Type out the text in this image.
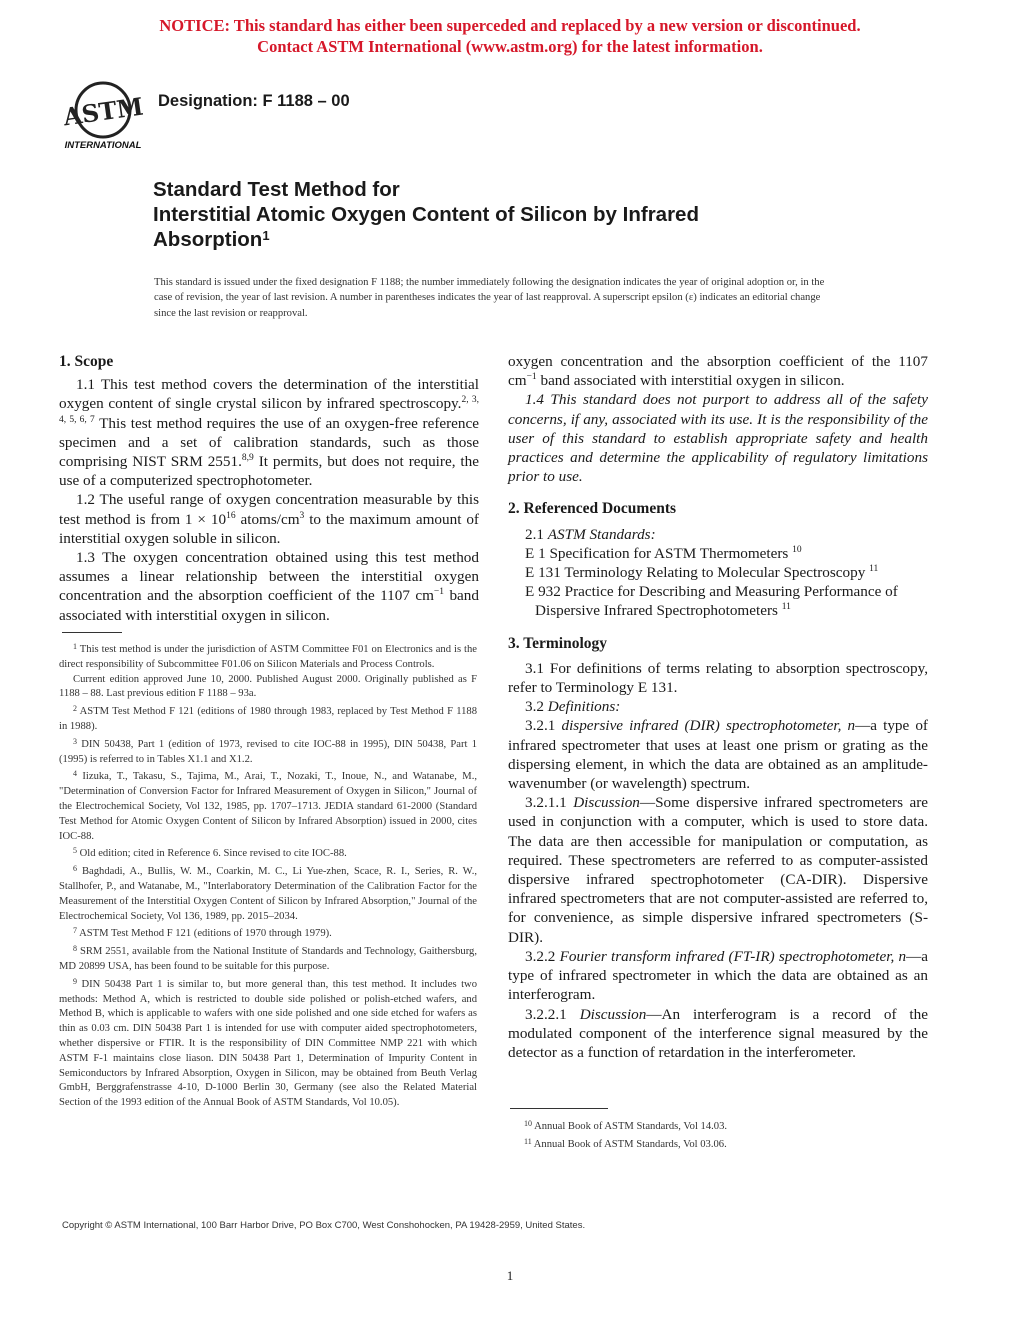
NOTICE: This standard has either been superceded and replaced by a new version or discontinued.
Contact ASTM International (www.astm.org) for the latest information.
ASTM
INTERNATIONAL
Designation: F 1188 – 00
Standard Test Method for
Interstitial Atomic Oxygen Content of Silicon by Infrared
Absorption$^1$
This standard is issued under the fixed designation F 1188; the number immediately following the designation indicates the year of original adoption or, in the case of revision, the year of last revision. A number in parentheses indicates the year of last reapproval. A superscript epsilon (ε) indicates an editorial change since the last revision or reapproval.
1. Scope

1.1 This test method covers the determination of the interstitial oxygen content of single crystal silicon by infrared spectroscopy.$^{2, 3, 4, 5, 6, 7}$ This test method requires the use of an oxygen-free reference specimen and a set of calibration standards, such as those comprising NIST SRM 2551.$^{8,9}$ It permits, but does not require, the use of a computerized spectrophotometer.

1.2 The useful range of oxygen concentration measurable by this test method is from $1 \times 10^{16}$ atoms/$cm^3$ to the maximum amount of interstitial oxygen soluble in silicon.

1.3 The oxygen concentration obtained using this test method assumes a linear relationship between the interstitial oxygen concentration and the absorption coefficient of the 1107 $cm^{-1}$ band associated with interstitial oxygen in silicon.

$^1$ This test method is under the jurisdiction of ASTM Committee F01 on Electronics and is the direct responsibility of Subcommittee F01.06 on Silicon Materials and Process Controls.

Current edition approved June 10, 2000. Published August 2000. Originally published as F 1188 – 88. Last previous edition F 1188 – 93a.

$^2$ ASTM Test Method F 121 (editions of 1980 through 1983, replaced by Test Method F 1188 in 1988).

$^3$ DIN 50438, Part 1 (edition of 1973, revised to cite IOC-88 in 1995), DIN 50438, Part 1 (1995) is referred to in Tables X1.1 and X1.2.

$^4$ Iizuka, T., Takasu, S., Tajima, M., Arai, T., Nozaki, T., Inoue, N., and Watanabe, M., "Determination of Conversion Factor for Infrared Measurement of Oxygen in Silicon," Journal of the Electrochemical Society, Vol 132, 1985, pp. 1707–1713. JEDIA standard 61-2000 (Standard Test Method for Atomic Oxygen Content of Silicon by Infrared Absorption) issued in 2000, cites IOC-88.

$^5$ Old edition; cited in Reference 6. Since revised to cite IOC-88.

$^6$ Baghdadi, A., Bullis, W. M., Coarkin, M. C., Li Yue-zhen, Scace, R. I., Series, R. W., Stallhofer, P., and Watanabe, M., "Interlaboratory Determination of the Calibration Factor for the Measurement of the Interstitial Oxygen Content of Silicon by Infrared Absorption," Journal of the Electrochemical Society, Vol 136, 1989, pp. 2015–2034.

$^7$ ASTM Test Method F 121 (editions of 1970 through 1979).

$^8$ SRM 2551, available from the National Institute of Standards and Technology, Gaithersburg, MD 20899 USA, has been found to be suitable for this purpose.

$^9$ DIN 50438 Part 1 is similar to, but more general than, this test method. It includes two methods: Method A, which is restricted to double side polished or polish-etched wafers, and Method B, which is applicable to wafers with one side polished and one side etched for wafers as thin as 0.03 cm. DIN 50438 Part 1 is intended for use with computer aided spectrophotometers, whether dispersive or FTIR. It is the responsibility of DIN Committee NMP 221 with which ASTM F-1 maintains close liason. DIN 50438 Part 1, Determination of Impurity Content in Semiconductors by Infrared Absorption, Oxygen in Silicon, may be obtained from Beuth Verlag GmbH, Berggrafenstrasse 4-10, D-1000 Berlin 30, Germany (see also the Related Material Section of the 1993 edition of the Annual Book of ASTM Standards, Vol 10.05).

oxygen concentration and the absorption coefficient of the 1107 $cm^{-1}$ band associated with interstitial oxygen in silicon.

1.4 This standard does not purport to address all of the safety concerns, if any, associated with its use. It is the responsibility of the user of this standard to establish appropriate safety and health practices and determine the applicability of regulatory limitations prior to use.

2. Referenced Documents

2.1 ASTM Standards:

E 1 Specification for ASTM Thermometers $^{10}$

E 131 Terminology Relating to Molecular Spectroscopy $^{11}$

E 932 Practice for Describing and Measuring Performance of Dispersive Infrared Spectrophotometers $^{11}$

3. Terminology

3.1 For definitions of terms relating to absorption spectroscopy, refer to Terminology E 131.

3.2 Definitions:

3.2.1 dispersive infrared (DIR) spectrophotometer, n—a type of infrared spectrometer that uses at least one prism or grating as the dispersing element, in which the data are obtained as an amplitude-wavenumber (or wavelength) spectrum.

3.2.1.1 Discussion—Some dispersive infrared spectrometers are used in conjunction with a computer, which is used to store data. The data are then accessible for manipulation or computation, as required. These spectrometers are referred to as computer-assisted dispersive infrared spectrophotometer (CA-DIR). Dispersive infrared spectrometers that are not computer-assisted are referred to, for convenience, as simple dispersive infrared spectrometers (S-DIR).

3.2.2 Fourier transform infrared (FT-IR) spectrophotometer, n—a type of infrared spectrometer in which the data are obtained as an interferogram.

3.2.2.1 Discussion—An interferogram is a record of the modulated component of the interference signal measured by the detector as a function of retardation in the interferometer.

$^{10}$ Annual Book of ASTM Standards, Vol 14.03.

$^{11}$ Annual Book of ASTM Standards, Vol 03.06.

Copyright © ASTM International, 100 Barr Harbor Drive, PO Box C700, West Conshohocken, PA 19428-2959, United States.
1
